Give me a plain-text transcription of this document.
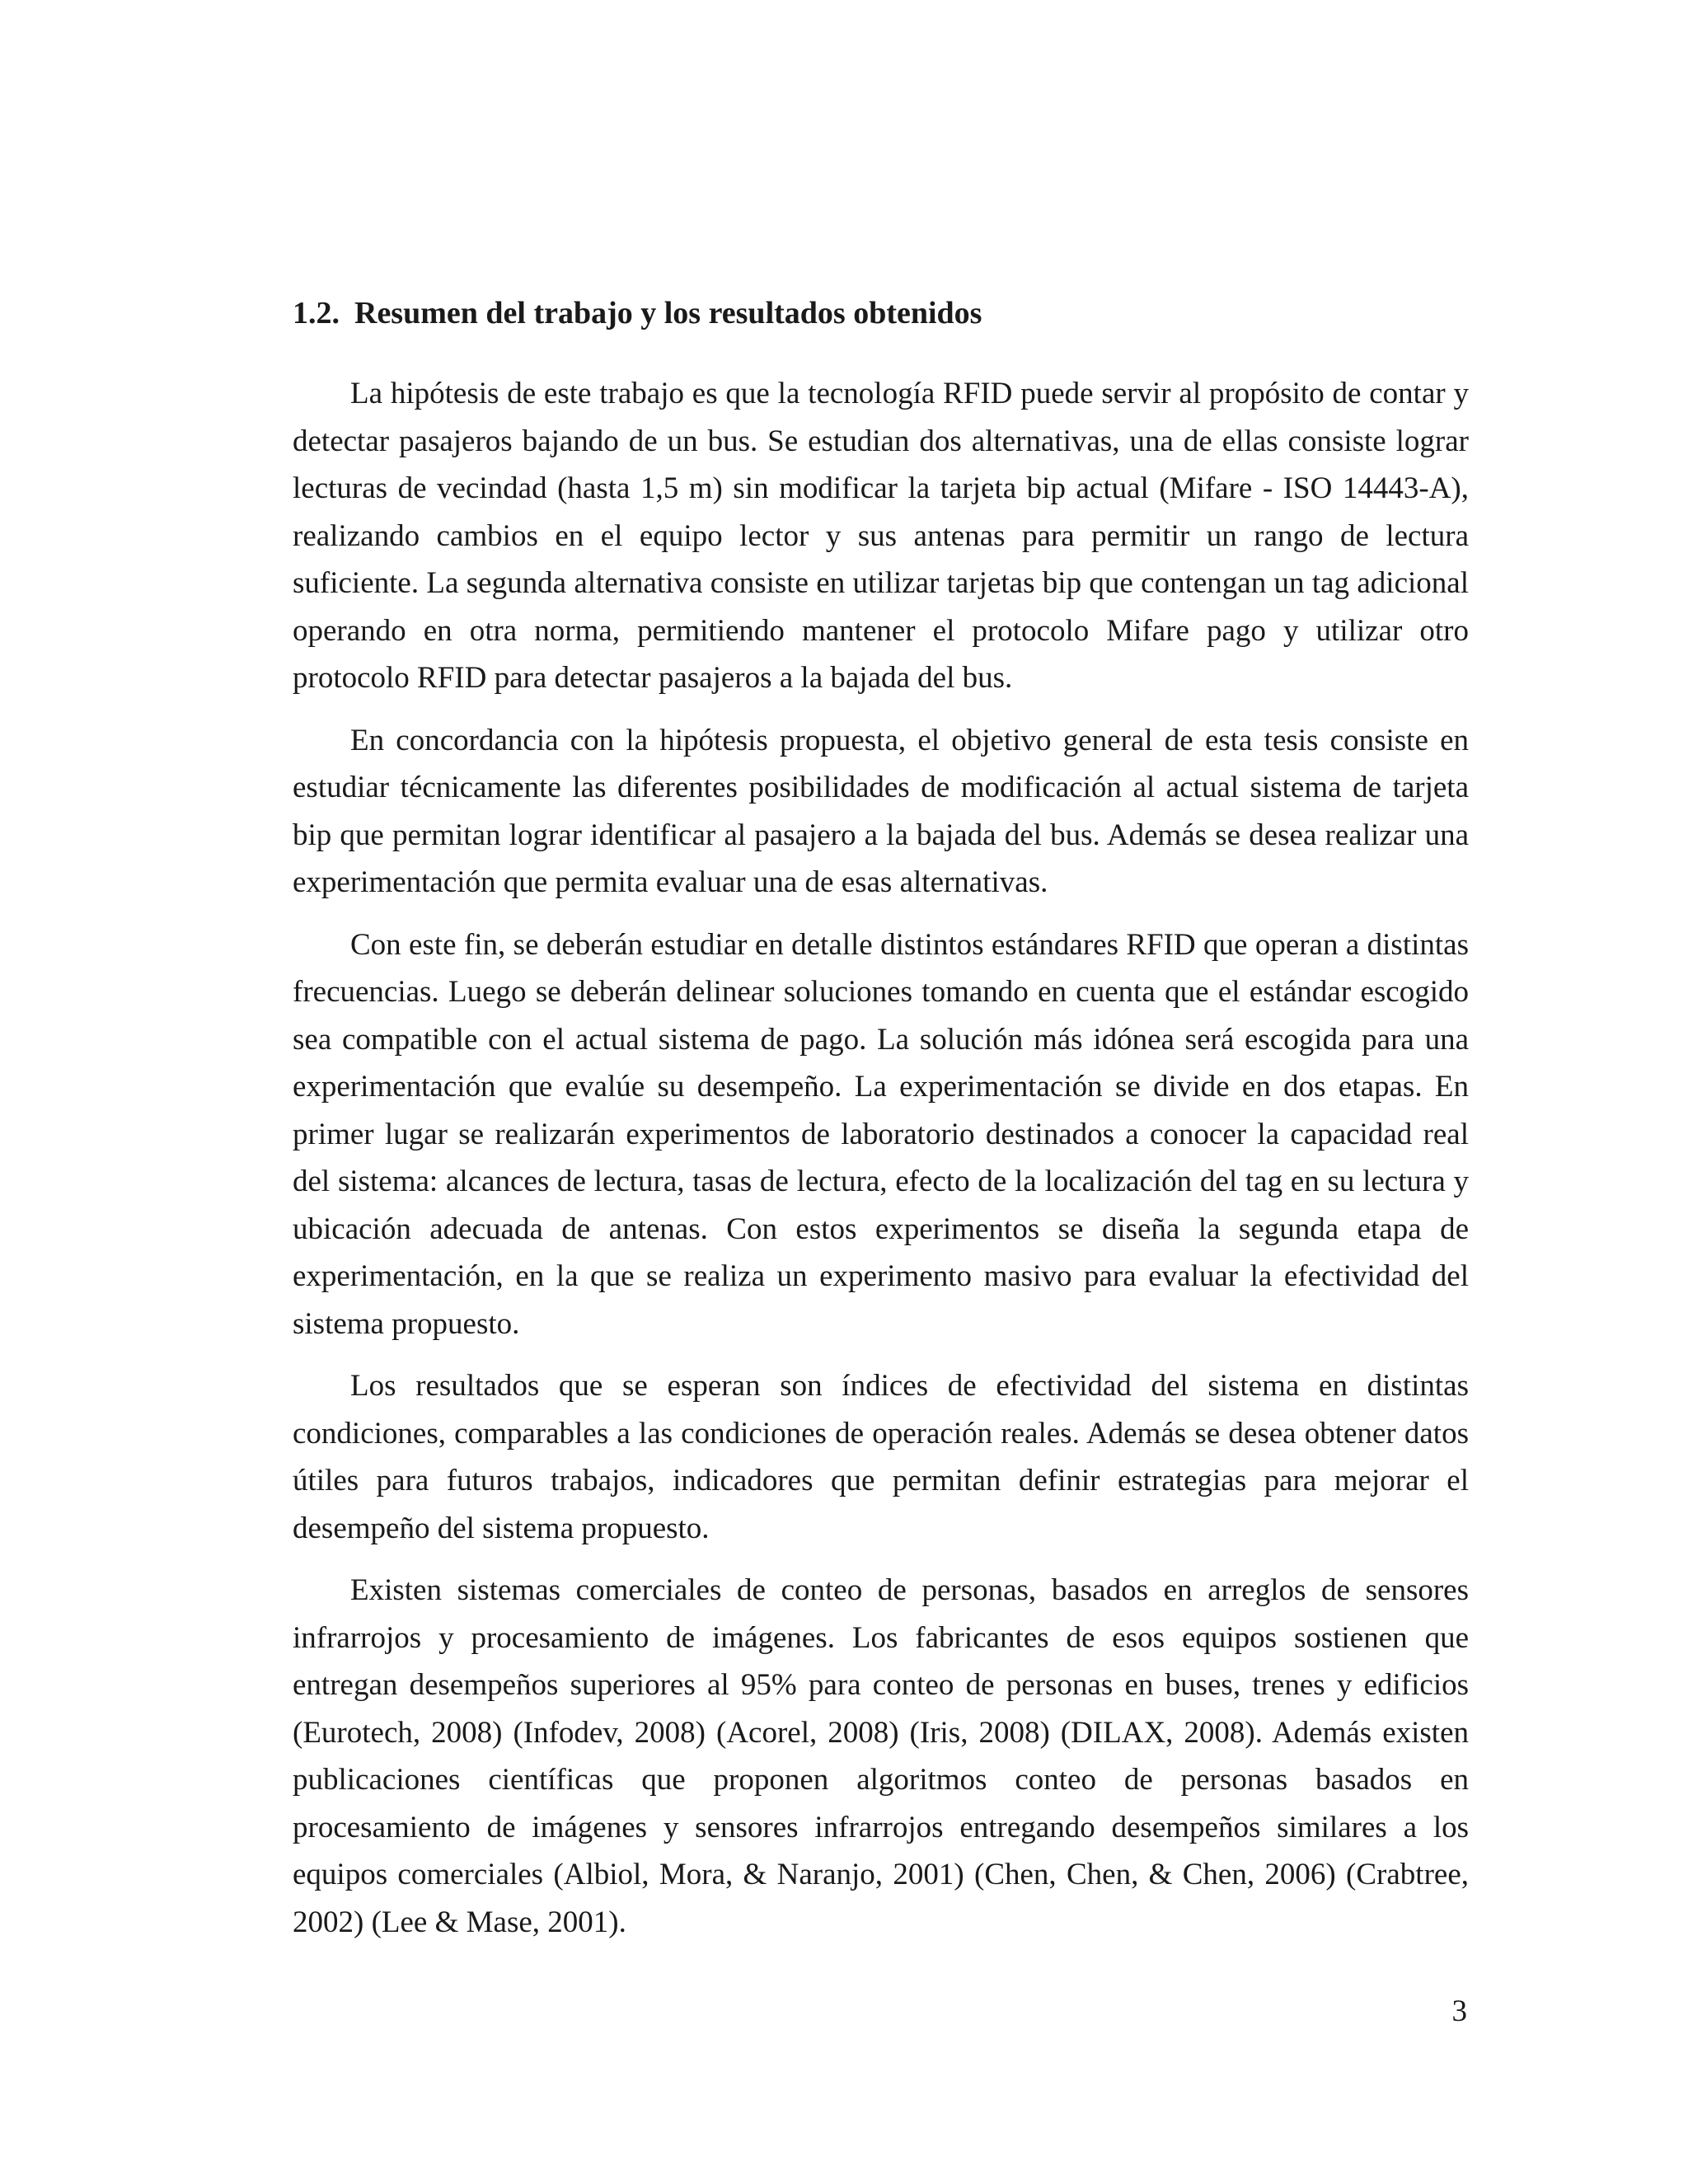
1.2. Resumen del trabajo y los resultados obtenidos

La hipótesis de este trabajo es que la tecnología RFID puede servir al propósito de contar y detectar pasajeros bajando de un bus. Se estudian dos alternativas, una de ellas consiste lograr lecturas de vecindad (hasta 1,5 m) sin modificar la tarjeta bip actual (Mifare - ISO 14443-A), realizando cambios en el equipo lector y sus antenas para permitir un rango de lectura suficiente. La segunda alternativa consiste en utilizar tarjetas bip que contengan un tag adicional operando en otra norma, permitiendo mantener el protocolo Mifare pago y utilizar otro protocolo RFID para detectar pasajeros a la bajada del bus.

En concordancia con la hipótesis propuesta, el objetivo general de esta tesis consiste en estudiar técnicamente las diferentes posibilidades de modificación al actual sistema de tarjeta bip que permitan lograr identificar al pasajero a la bajada del bus. Además se desea realizar una experimentación que permita evaluar una de esas alternativas.

Con este fin, se deberán estudiar en detalle distintos estándares RFID que operan a distintas frecuencias. Luego se deberán delinear soluciones tomando en cuenta que el estándar escogido sea compatible con el actual sistema de pago. La solución más idónea será escogida para una experimentación que evalúe su desempeño. La experimentación se divide en dos etapas. En primer lugar se realizarán experimentos de laboratorio destinados a conocer la capacidad real del sistema: alcances de lectura, tasas de lectura, efecto de la localización del tag en su lectura y ubicación adecuada de antenas. Con estos experimentos se diseña la segunda etapa de experimentación, en la que se realiza un experimento masivo para evaluar la efectividad del sistema propuesto.

Los resultados que se esperan son índices de efectividad del sistema en distintas condiciones, comparables a las condiciones de operación reales. Además se desea obtener datos útiles para futuros trabajos, indicadores que permitan definir estrategias para mejorar el desempeño del sistema propuesto.

Existen sistemas comerciales de conteo de personas, basados en arreglos de sensores infrarrojos y procesamiento de imágenes. Los fabricantes de esos equipos sostienen que entregan desempeños superiores al 95% para conteo de personas en buses, trenes y edificios (Eurotech, 2008) (Infodev, 2008) (Acorel, 2008) (Iris, 2008) (DILAX, 2008). Además existen publicaciones científicas que proponen algoritmos conteo de personas basados en procesamiento de imágenes y sensores infrarrojos entregando desempeños similares a los equipos comerciales (Albiol, Mora, & Naranjo, 2001) (Chen, Chen, & Chen, 2006) (Crabtree, 2002) (Lee & Mase, 2001).

3
